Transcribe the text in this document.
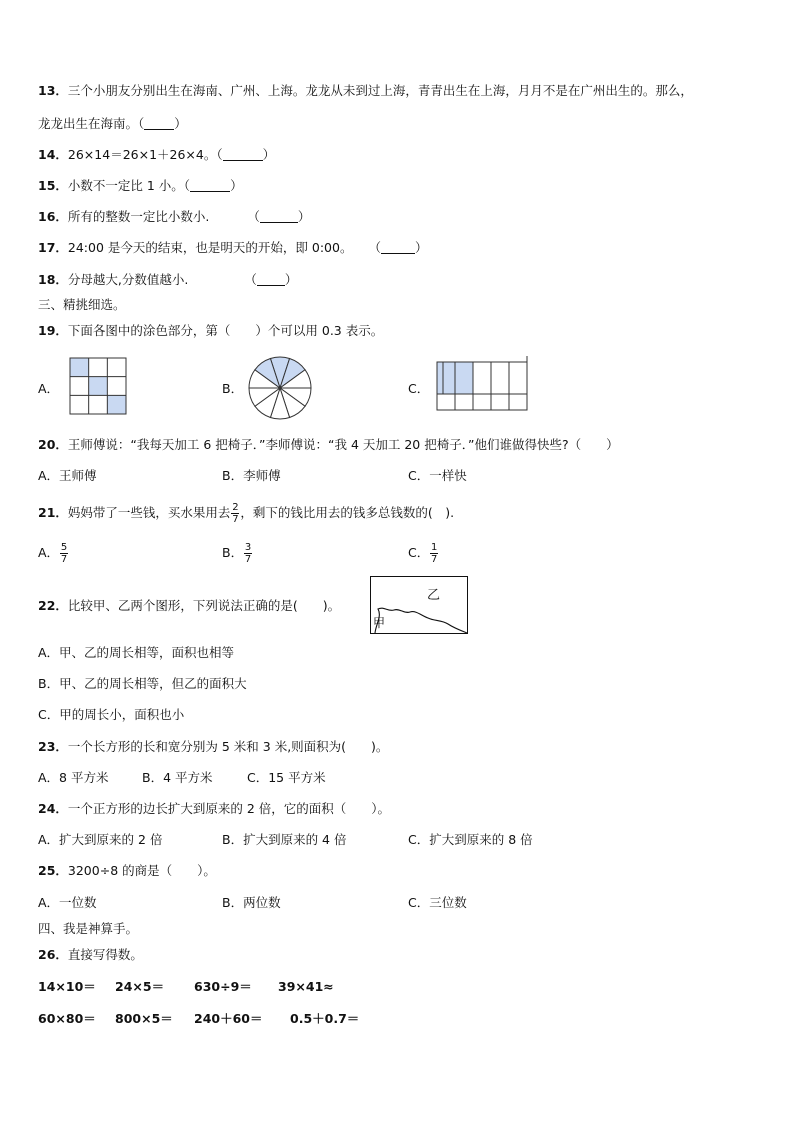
13．三个小朋友分别出生在海南、广州、上海。龙龙从未到过上海，青青出生在上海，月月不是在广州出生的。那么，
龙龙出生在海南。（ ）
14．26×14＝26×1＋26×4。（	）
15．小数不一定比 1 小。（	）
16．所有的整数一定比小数小.	（	）
17．24:00 是今天的结束，也是明天的开始，即 0:00。 （	）
18．分母越大,分数值越小.	（ ）
三、精挑细选。
19．下面各图中的涂色部分，第（　　）个可以用 0.3 表示。
A．	B．	C．
20．王师傅说：“我每天加工 6 把椅子．”李师傅说：“我 4 天加工 20 把椅子．”他们谁做得快些?（　　）
A．王师傅	B．李师傅	C．一样快
21．妈妈带了一些钱，买水果用去 $\frac{2}{7}$ ，剩下的钱比用去的钱多总钱数的(　).
A． $\frac{5}{7}$	B． $\frac{3}{7}$	C． $\frac{1}{7}$
22．比较甲、乙两个图形，下列说法正确的是(　　)。
甲
乙
A．甲、乙的周长相等，面积也相等
B．甲、乙的周长相等，但乙的面积大
C．甲的周长小，面积也小
23．一个长方形的长和宽分别为 5 米和 3 米,则面积为(　　)。
A．8 平方米	B．4 平方米	C．15 平方米
24．一个正方形的边长扩大到原来的 2 倍，它的面积（　　）。
A．扩大到原来的 2 倍	B．扩大到原来的 4 倍	C．扩大到原来的 8 倍
25．3200÷8 的商是（　　）。
A．一位数	B．两位数	C．三位数
四、我是神算手。
26．直接写得数。
14×10＝ 24×5＝ 630÷9＝ 39×41≈
60×80＝ 800×5＝ 240＋60＝ 0.5＋0.7＝
